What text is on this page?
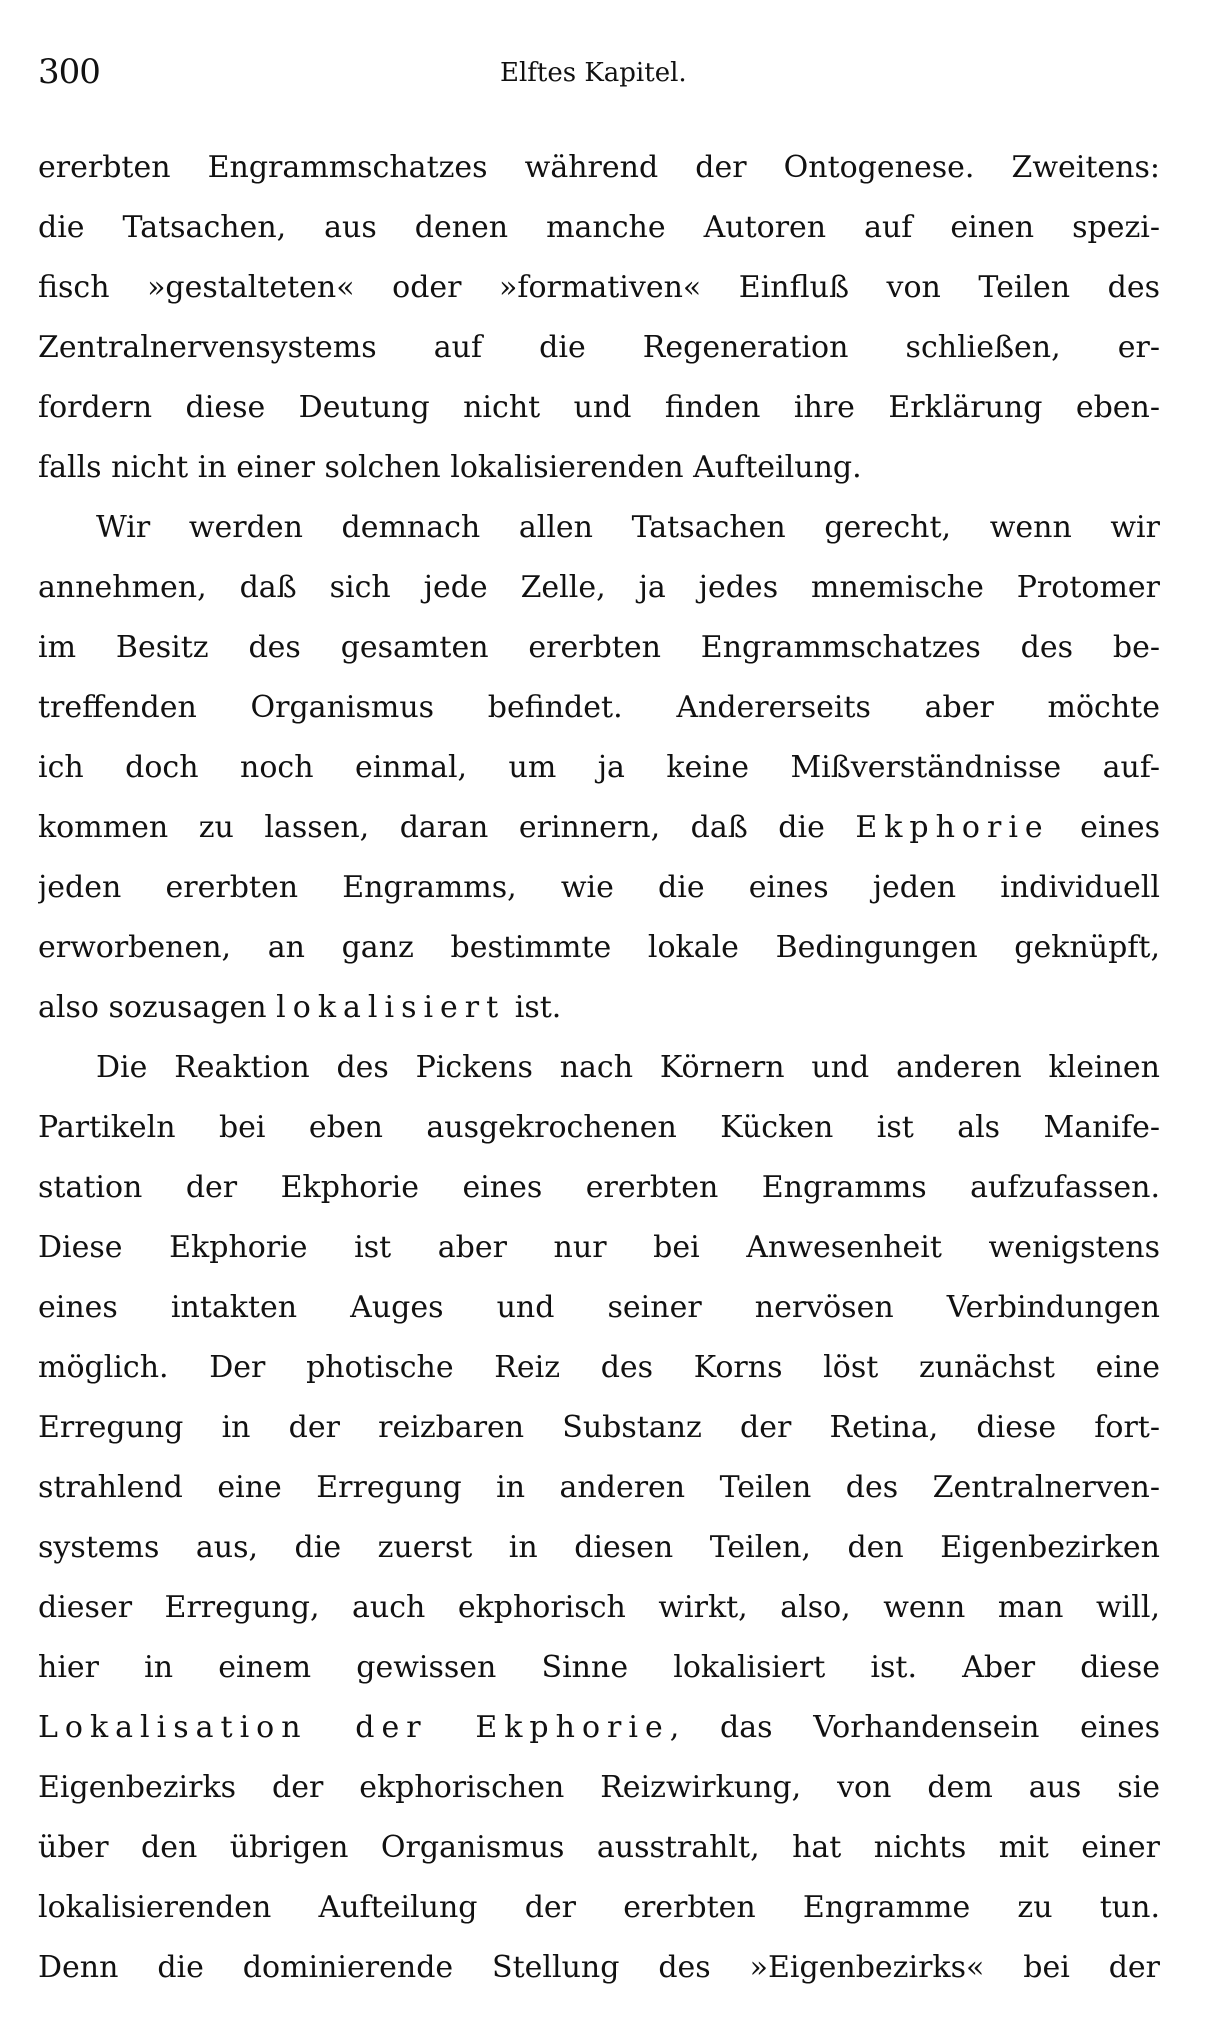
300	Elftes Kapitel.
ererbten Engrammschatzes während der Ontogenese. Zweitens:
die Tatsachen, aus denen manche Autoren auf einen spezi-
fisch »gestalteten« oder »formativen« Einfluß von Teilen des
Zentralnervensystems auf die Regeneration schließen, er-
fordern diese Deutung nicht und finden ihre Erklärung eben-
falls nicht in einer solchen lokalisierenden Aufteilung.
Wir werden demnach allen Tatsachen gerecht, wenn wir
annehmen, daß sich jede Zelle, ja jedes mnemische Protomer
im Besitz des gesamten ererbten Engrammschatzes des be-
treffenden Organismus befindet. Andererseits aber möchte
ich doch noch einmal, um ja keine Mißverständnisse auf-
kommen zu lassen, daran erinnern, daß die Ekphorie eines
jeden ererbten Engramms, wie die eines jeden individuell
erworbenen, an ganz bestimmte lokale Bedingungen geknüpft,
also sozusagen lokalisiert ist.
Die Reaktion des Pickens nach Körnern und anderen kleinen
Partikeln bei eben ausgekrochenen Kücken ist als Manife-
station der Ekphorie eines ererbten Engramms aufzufassen.
Diese Ekphorie ist aber nur bei Anwesenheit wenigstens
eines intakten Auges und seiner nervösen Verbindungen
möglich. Der photische Reiz des Korns löst zunächst eine
Erregung in der reizbaren Substanz der Retina, diese fort-
strahlend eine Erregung in anderen Teilen des Zentralnerven-
systems aus, die zuerst in diesen Teilen, den Eigenbezirken
dieser Erregung, auch ekphorisch wirkt, also, wenn man will,
hier in einem gewissen Sinne lokalisiert ist. Aber diese
Lokalisation der Ekphorie, das Vorhandensein eines
Eigenbezirks der ekphorischen Reizwirkung, von dem aus sie
über den übrigen Organismus ausstrahlt, hat nichts mit einer
lokalisierenden Aufteilung der ererbten Engramme zu tun.
Denn die dominierende Stellung des »Eigenbezirks« bei der
